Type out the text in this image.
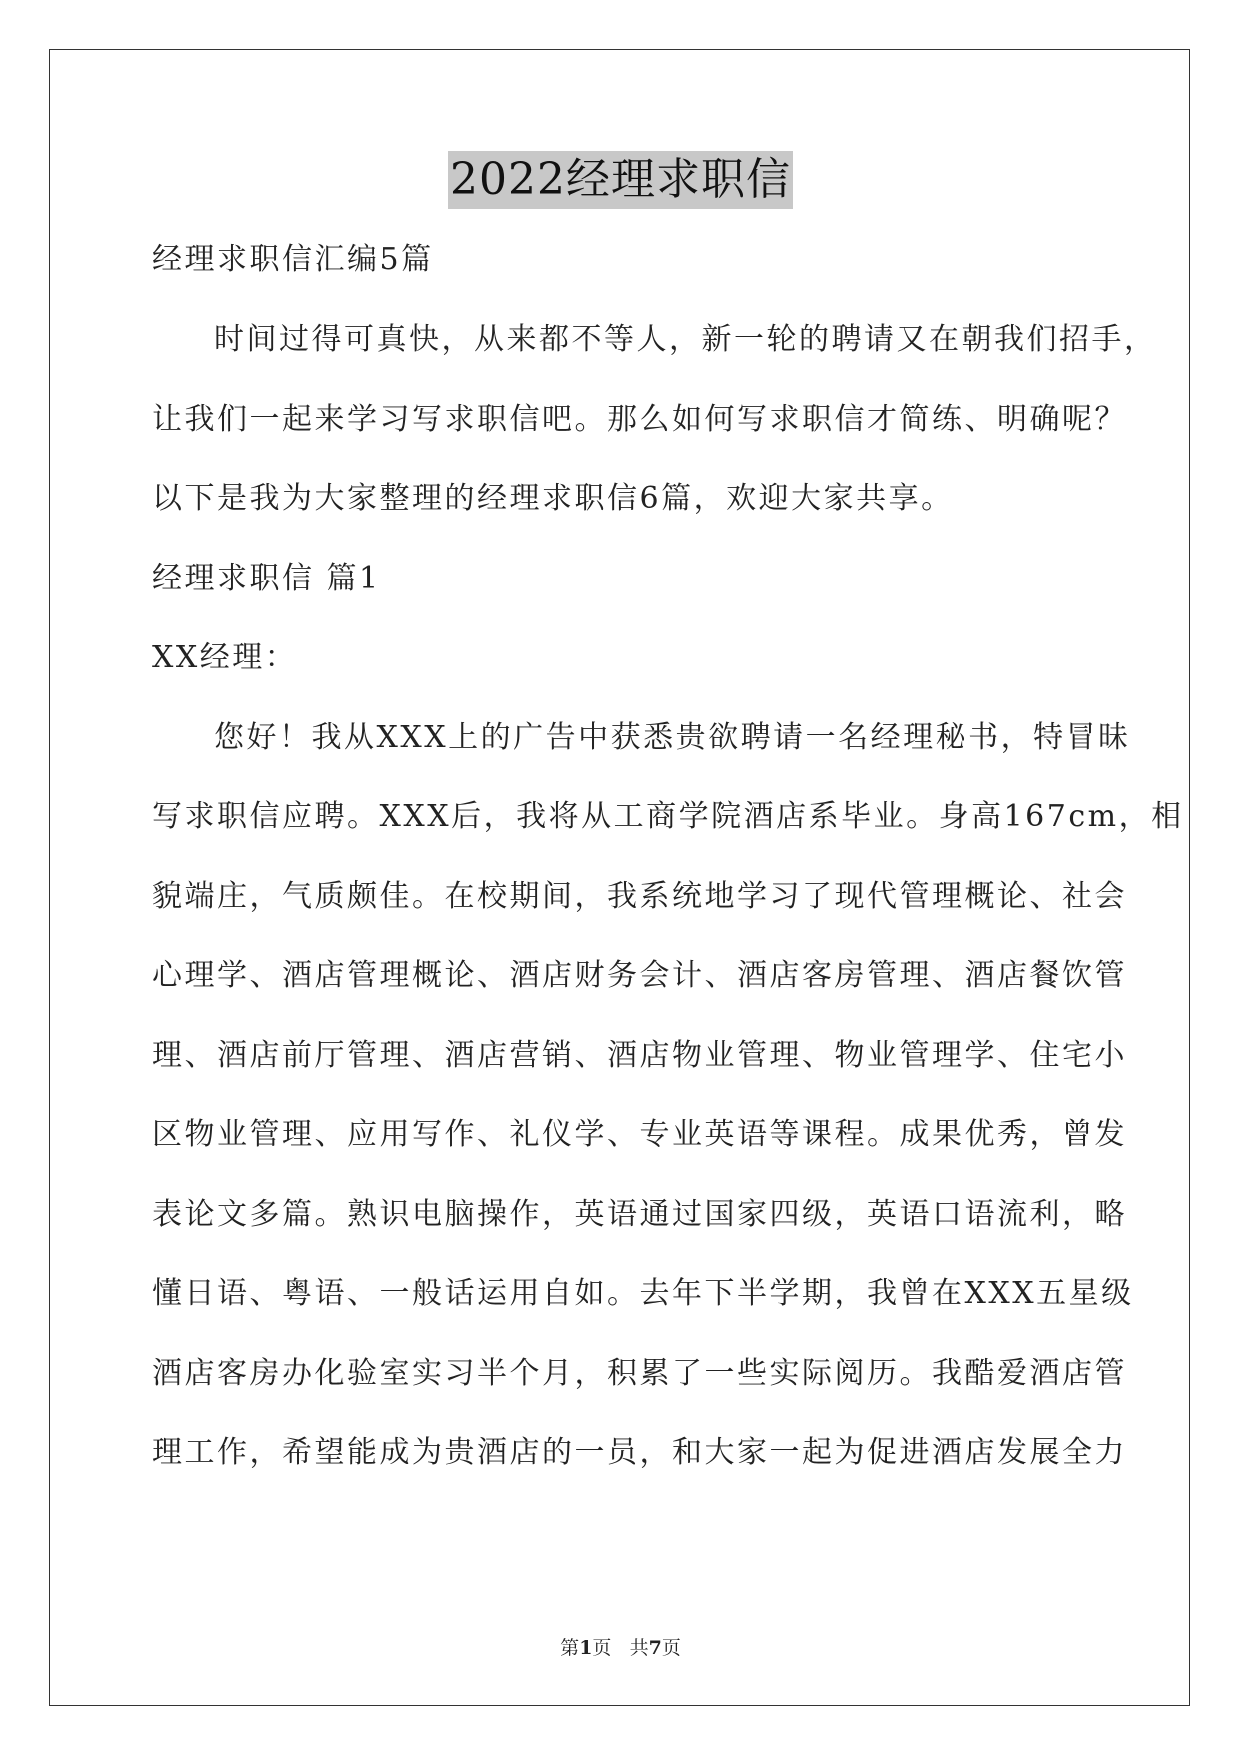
2022经理求职信
经理求职信汇编5篇
时间过得可真快，从来都不等人，新一轮的聘请又在朝我们招手，
让我们一起来学习写求职信吧。那么如何写求职信才简练、明确呢？
以下是我为大家整理的经理求职信6篇，欢迎大家共享。
经理求职信 篇1
XX经理：
您好！我从XXX上的广告中获悉贵欲聘请一名经理秘书，特冒昧
写求职信应聘。XXX后，我将从工商学院酒店系毕业。身高167cm，相
貌端庄，气质颇佳。在校期间，我系统地学习了现代管理概论、社会
心理学、酒店管理概论、酒店财务会计、酒店客房管理、酒店餐饮管
理、酒店前厅管理、酒店营销、酒店物业管理、物业管理学、住宅小
区物业管理、应用写作、礼仪学、专业英语等课程。成果优秀，曾发
表论文多篇。熟识电脑操作，英语通过国家四级，英语口语流利，略
懂日语、粤语、一般话运用自如。去年下半学期，我曾在XXX五星级
酒店客房办化验室实习半个月，积累了一些实际阅历。我酷爱酒店管
理工作，希望能成为贵酒店的一员，和大家一起为促进酒店发展全力
第1页 共7页
